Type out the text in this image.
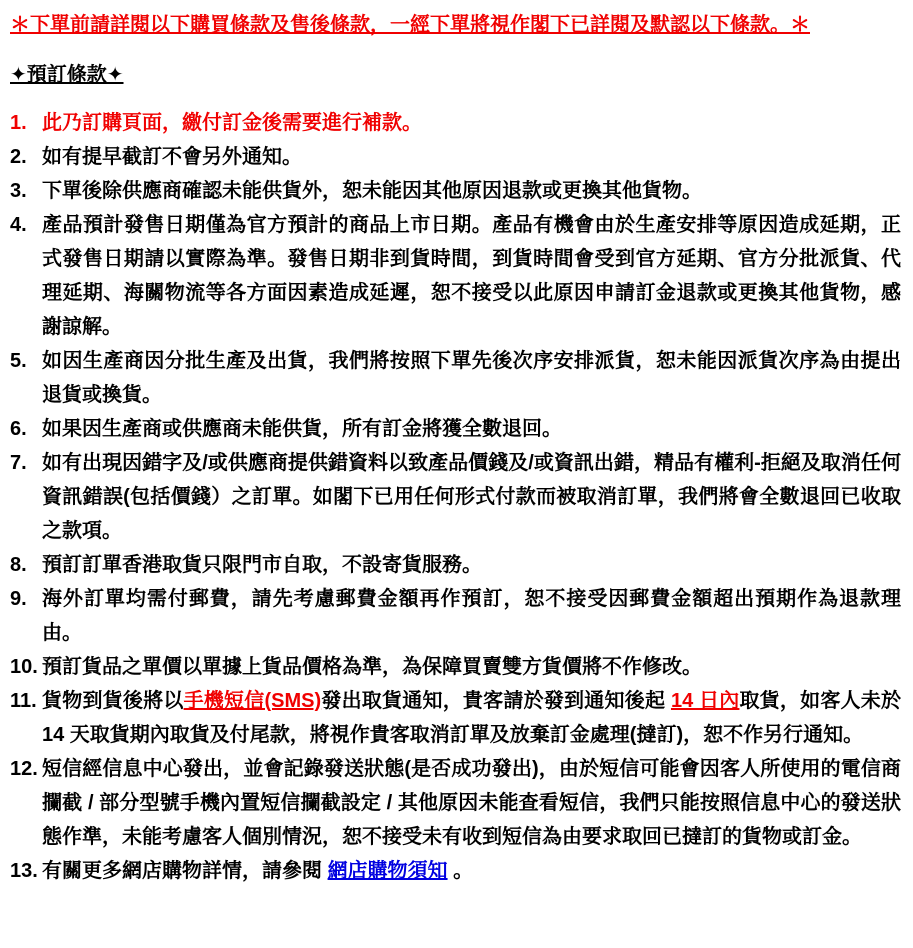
＊下單前請詳閱以下購買條款及售後條款，一經下單將視作閣下已詳閱及默認以下條款。＊
✦預訂條款✦
1. 此乃訂購頁面，繳付訂金後需要進行補款。
2. 如有提早截訂不會另外通知。
3. 下單後除供應商確認未能供貨外，恕未能因其他原因退款或更換其他貨物。
4. 產品預計發售日期僅為官方預計的商品上市日期。產品有機會由於生產安排等原因造成延期，正式發售日期請以實際為準。發售日期非到貨時間，到貨時間會受到官方延期、官方分批派貨、代理延期、海關物流等各方面因素造成延遲，恕不接受以此原因申請訂金退款或更換其他貨物，感謝諒解。
5. 如因生產商因分批生產及出貨，我們將按照下單先後次序安排派貨，恕未能因派貨次序為由提出退貨或換貨。
6. 如果因生產商或供應商未能供貨，所有訂金將獲全數退回。
7. 如有出現因錯字及/或供應商提供錯資料以致產品價錢及/或資訊出錯，精品有權利-拒絕及取消任何資訊錯誤(包括價錢）之訂單。如閣下已用任何形式付款而被取消訂單，我們將會全數退回已收取之款項。
8. 預訂訂單香港取貨只限門市自取，不設寄貨服務。
9. 海外訂單均需付郵費，請先考慮郵費金額再作預訂，恕不接受因郵費金額超出預期作為退款理由。
10. 預訂貨品之單價以單據上貨品價格為準，為保障買賣雙方貨價將不作修改。
11. 貨物到貨後將以手機短信(SMS)發出取貨通知，貴客請於發到通知後起 14 日內取貨，如客人未於 14 天取貨期內取貨及付尾款，將視作貴客取消訂單及放棄訂金處理(撻訂)，恕不作另行通知。
12. 短信經信息中心發出，並會記錄發送狀態(是否成功發出)，由於短信可能會因客人所使用的電信商攔截 / 部分型號手機內置短信攔截設定 / 其他原因未能查看短信，我們只能按照信息中心的發送狀態作準，未能考慮客人個別情況，恕不接受未有收到短信為由要求取回已撻訂的貨物或訂金。
13. 有關更多網店購物詳情，請參閱 網店購物須知 。
